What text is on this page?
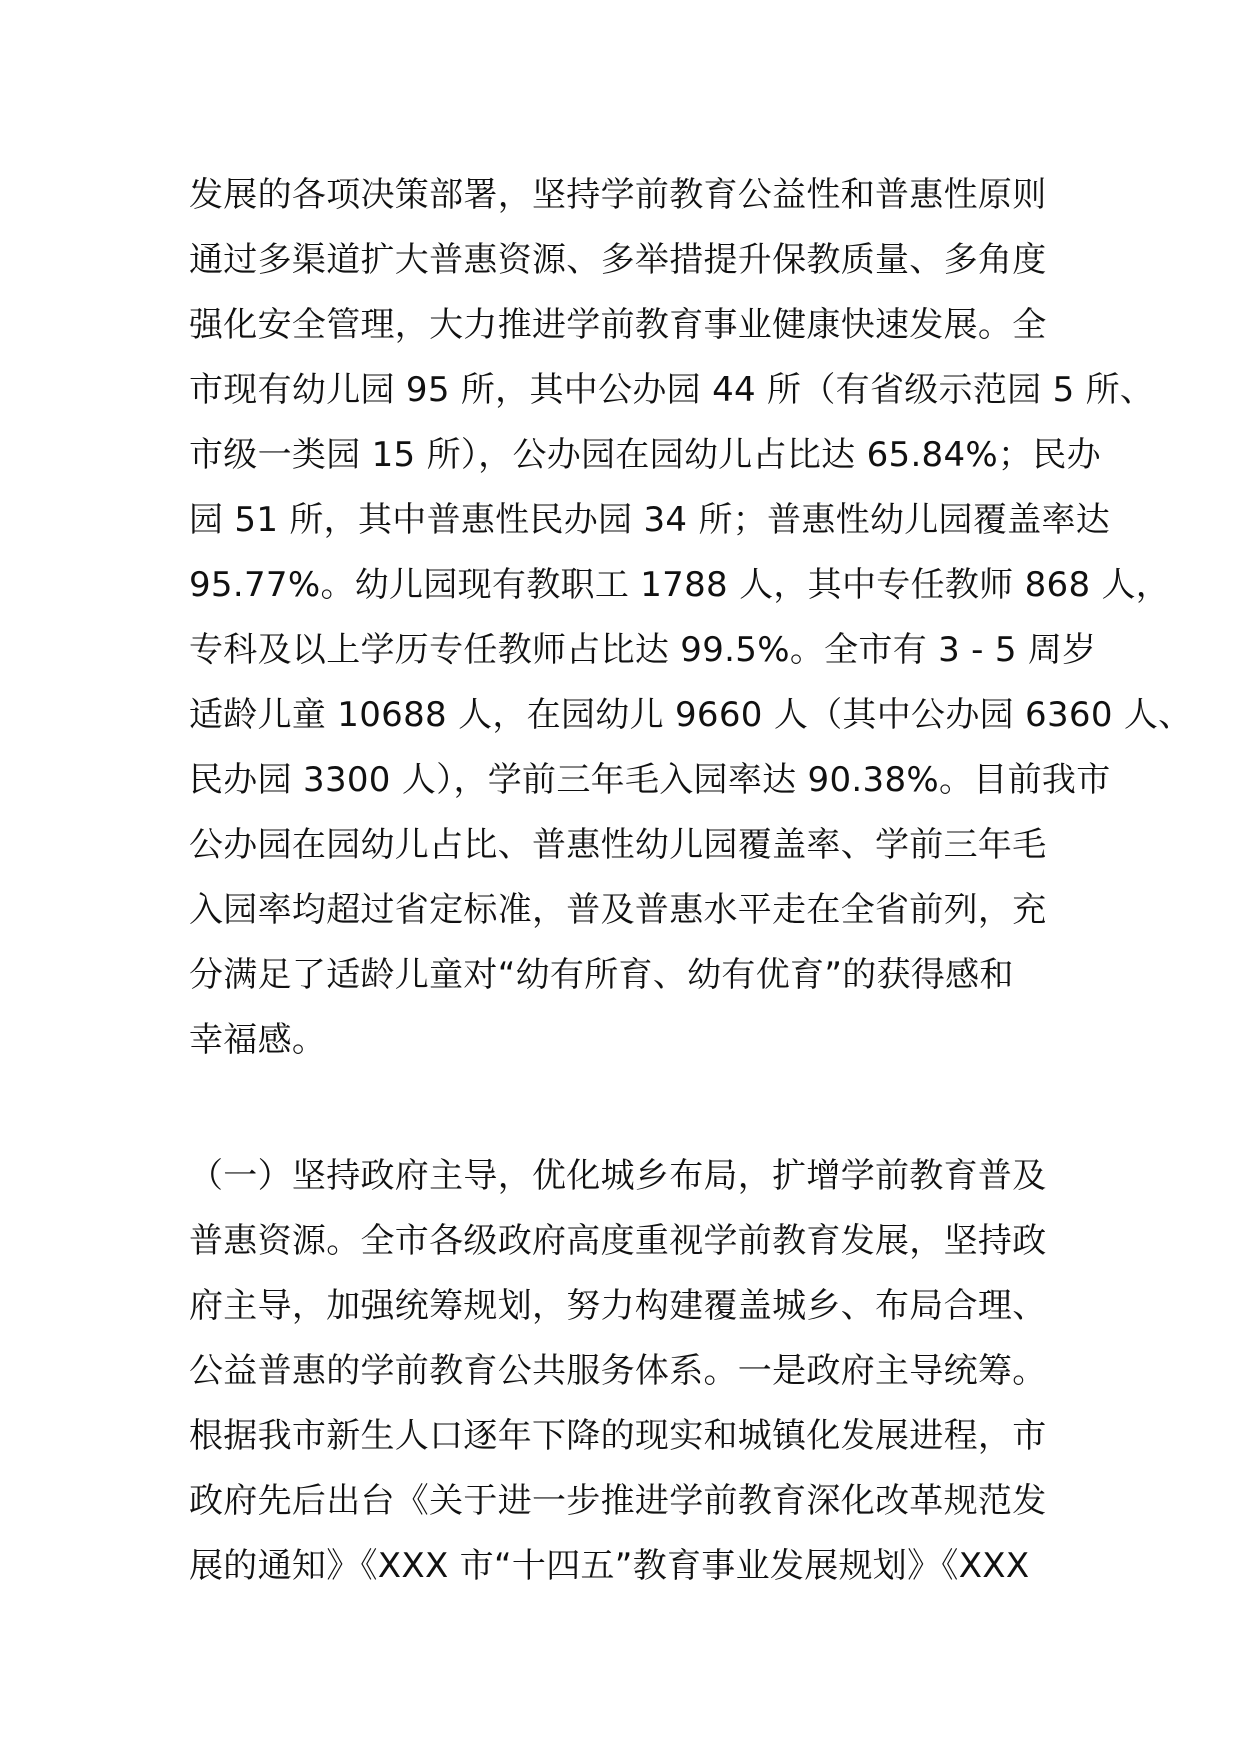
发展的各项决策部署，坚持学前教育公益性和普惠性原则
通过多渠道扩大普惠资源、多举措提升保教质量、多角度
强化安全管理，大力推进学前教育事业健康快速发展。全
市现有幼儿园 95 所，其中公办园 44 所（有省级示范园 5 所、
市级一类园 15 所），公办园在园幼儿占比达 65.84%；民办
园 51 所，其中普惠性民办园 34 所；普惠性幼儿园覆盖率达
95.77%。幼儿园现有教职工 1788 人，其中专任教师 868 人，
专科及以上学历专任教师占比达 99.5%。全市有 3 - 5 周岁
适龄儿童 10688 人，在园幼儿 9660 人（其中公办园 6360 人、
民办园 3300 人），学前三年毛入园率达 90.38%。目前我市
公办园在园幼儿占比、普惠性幼儿园覆盖率、学前三年毛
入园率均超过省定标准，普及普惠水平走在全省前列，充
分满足了适龄儿童对“幼有所育、幼有优育”的获得感和
幸福感。
（一）坚持政府主导，优化城乡布局，扩增学前教育普及
普惠资源。全市各级政府高度重视学前教育发展，坚持政
府主导，加强统筹规划，努力构建覆盖城乡、布局合理、
公益普惠的学前教育公共服务体系。一是政府主导统筹。
根据我市新生人口逐年下降的现实和城镇化发展进程，市
政府先后出台《关于进一步推进学前教育深化改革规范发
展的通知》《XXX 市“十四五”教育事业发展规划》《XXX
